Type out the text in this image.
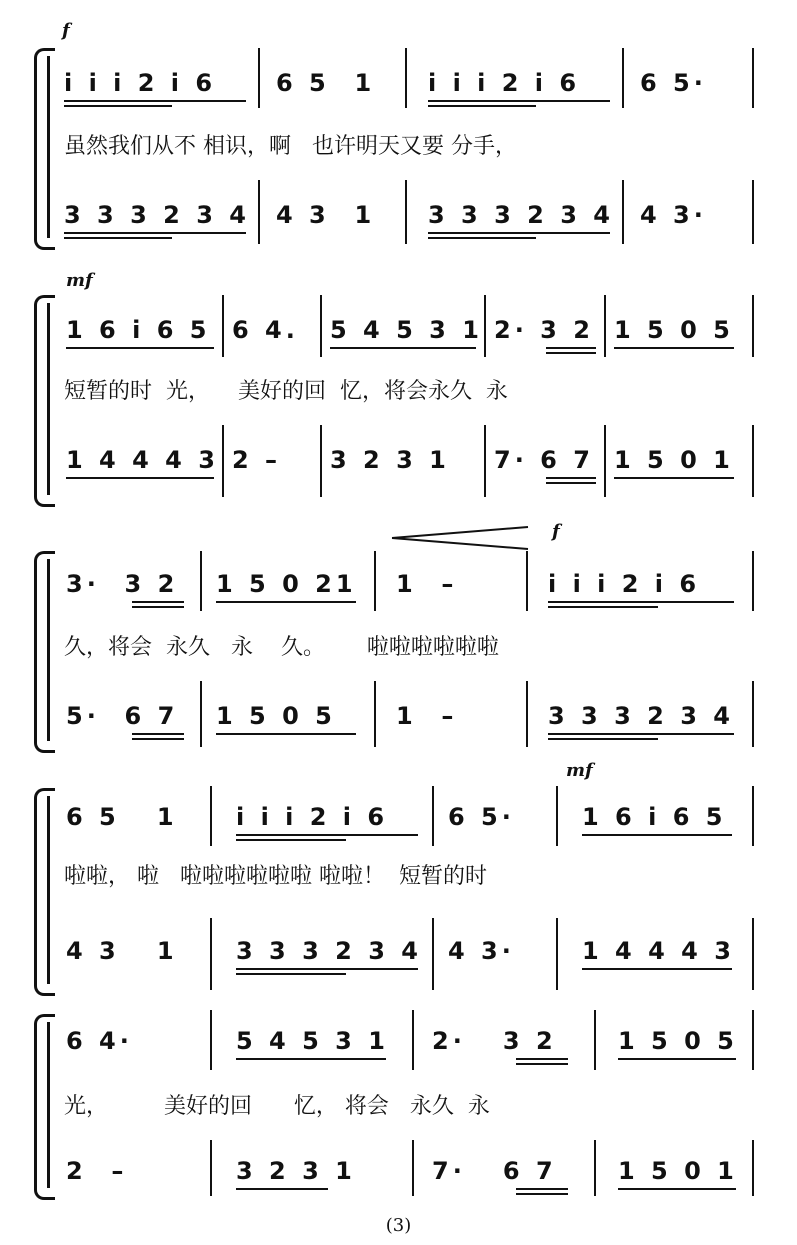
f
i i i 2 i 6 6 5  1 i i i 2 i 6 6 5·
虽然我们从不 相识，啊   也许明天又要 分手，
3 3 3 2 3 4 4 3  1 3 3 3 2 3 4 4 3·
mf
1 6 i 6 5 6 4. 5 4 5 3 1 2· 3 2 1 5 0 5
短暂的时  光，    美好的回  忆，将会永久  永
1 4 4 4 3 2 – 3 2 3 1 7· 6 7 1 5 0 1
f
3·  3 2 1 5 0 21 1  –	i i i 2 i 6
久，将会  永久   永    久。      啦啦啦啦啦啦
5·  6 7 1 5 0 5	1  –	3 3 3 2 3 4
mf
6 5   1 i i i 2 i 6 6 5·	1 6 i 6 5
啦啦， 啦   啦啦啦啦啦啦 啦啦！  短暂的时
4 3   1 3 3 3 2 3 4 4 3·	1 4 4 4 3
6 4·	5 4 5 3 1 2·   3 2	1 5 0 5
光，        美好的回      忆， 将会   永久  永
2  –	3 2 3 1	7·   6 7	1 5 0 1
(3)
